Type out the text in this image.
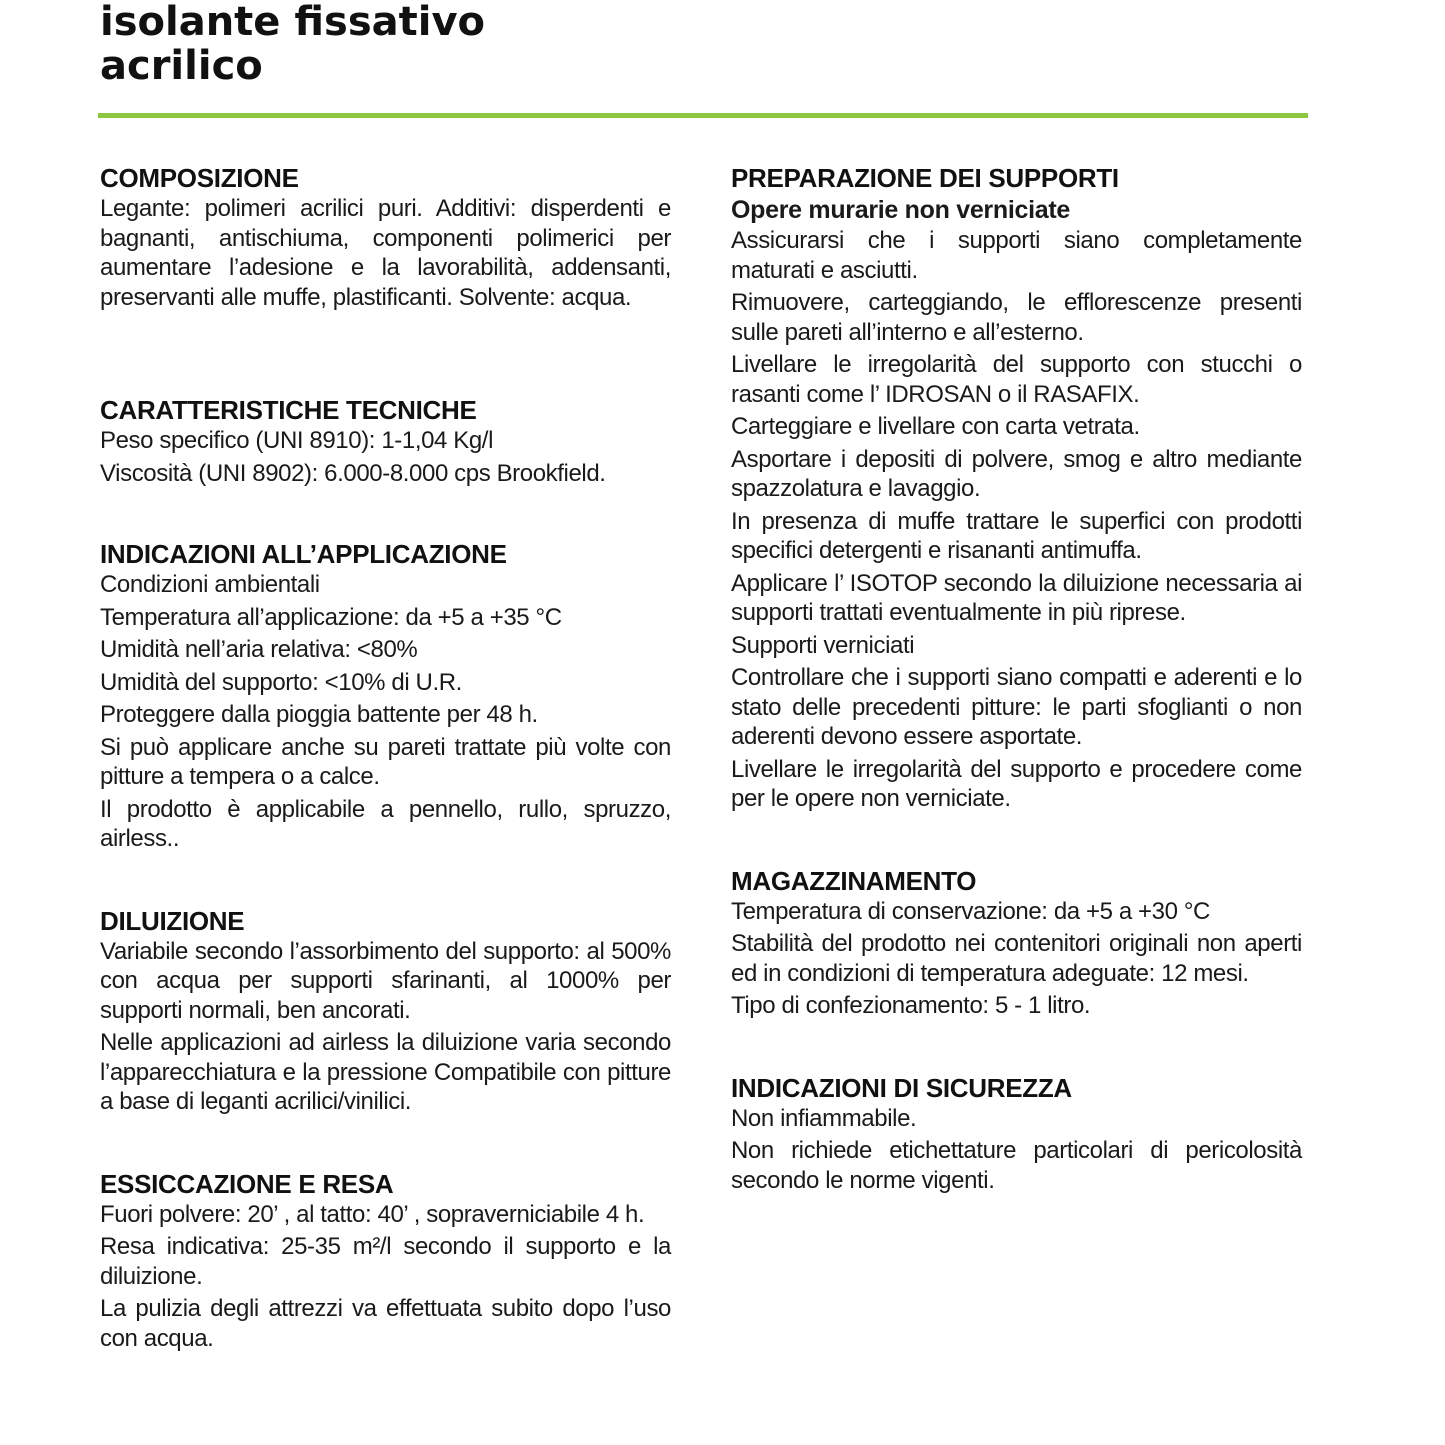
isolante fissativo
acrilico
COMPOSIZIONE

Legante: polimeri acrilici puri. Additivi: disperdenti e bagnanti, antischiuma, componenti polimerici per aumentare l’adesione e la lavorabilità, addensanti, preservanti alle muffe, plastificanti. Solvente: acqua.

CARATTERISTICHE TECNICHE

Peso specifico (UNI 8910): 1-1,04 Kg/l

Viscosità (UNI 8902): 6.000-8.000 cps Brookfield.

INDICAZIONI ALL’APPLICAZIONE

Condizioni ambientali

Temperatura all’applicazione: da +5 a +35 °C

Umidità nell’aria relativa: <80%

Umidità del supporto: <10% di U.R.

Proteggere dalla pioggia battente per 48 h.

Si può applicare anche su pareti trattate più volte con pitture a tempera o a calce.

Il prodotto è applicabile a pennello, rullo, spruzzo, airless..

DILUIZIONE

Variabile secondo l’assorbimento del supporto: al 500% con acqua per supporti sfarinanti, al 1000% per supporti normali, ben ancorati.

Nelle applicazioni ad airless la diluizione varia secondo l’apparecchiatura e la pressione Compatibile con pitture a base di leganti acrilici/vinilici.

ESSICCAZIONE E RESA

Fuori polvere: 20’ , al tatto: 40’ , sopraverniciabile 4 h.

Resa indicativa: 25-35 m²/l secondo il supporto e la diluizione.

La pulizia degli attrezzi va effettuata subito dopo l’uso con acqua.

PREPARAZIONE DEI SUPPORTI
Opere murarie non verniciate

Assicurarsi che i supporti siano completamente maturati e asciutti.

Rimuovere, carteggiando, le efflorescenze presenti sulle pareti all’interno e all’esterno.

Livellare le irregolarità del supporto con stucchi o rasanti come l’ IDROSAN o il RASAFIX.

Carteggiare e livellare con carta vetrata.

Asportare i depositi di polvere, smog e altro mediante spazzolatura e lavaggio.

In presenza di muffe trattare le superfici con prodotti specifici detergenti e risananti antimuffa.

Applicare l’ ISOTOP secondo la diluizione necessaria ai supporti trattati eventualmente in più riprese.

Supporti verniciati

Controllare che i supporti siano compatti e aderenti e lo stato delle precedenti pitture: le parti sfoglianti o non aderenti devono essere asportate.

Livellare le irregolarità del supporto e procedere come per le opere non verniciate.

MAGAZZINAMENTO

Temperatura di conservazione: da +5 a +30 °C

Stabilità del prodotto nei contenitori originali non aperti ed in condizioni di temperatura adeguate: 12 mesi.

Tipo di confezionamento: 5 - 1 litro.

INDICAZIONI DI SICUREZZA

Non infiammabile.

Non richiede etichettature particolari di pericolosità secondo le norme vigenti.
